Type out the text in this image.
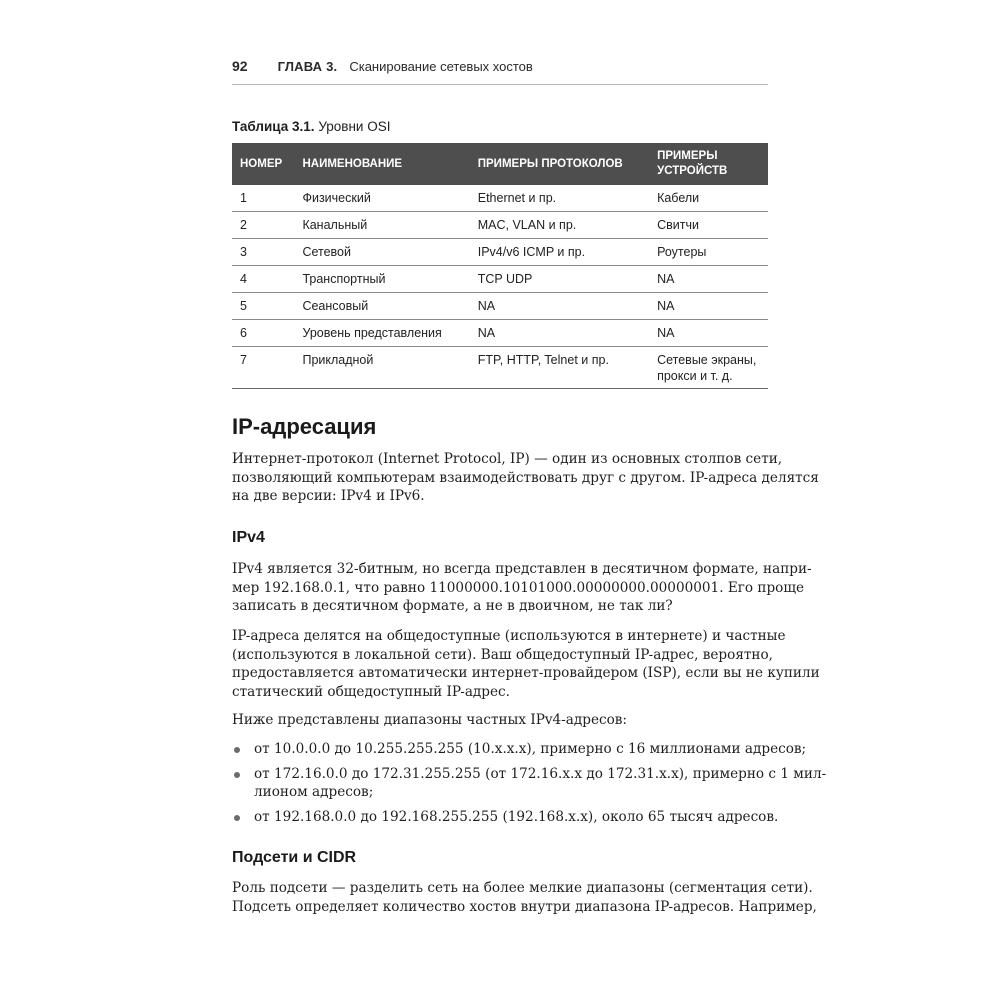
92 ГЛАВА 3. Сканирование сетевых хостов
Таблица 3.1. Уровни OSI
НОМЕР	НАИМЕНОВАНИЕ	ПРИМЕРЫ ПРОТОКОЛОВ	ПРИМЕРЫ УСТРОЙСТВ
1	Физический	Ethernet и пр.	Кабели
2	Канальный	MAC, VLAN и пр.	Свитчи
3	Сетевой	IPv4/v6 ICMP и пр.	Роутеры
4	Транспортный	TCP UDP	NA
5	Сеансовый	NA	NA
6	Уровень представления	NA	NA
7	Прикладной	FTP, HTTP, Telnet и пр.	Сетевые экраны, прокси и т. д.
IP-адресация
Интернет-протокол (Internet Protocol, IP) — один из основных столпов сети,
позволяющий компьютерам взаимодействовать друг с другом. IP-адреса делятся
на две версии: IPv4 и IPv6.
IPv4
IPv4 является 32-битным, но всегда представлен в десятичном формате, напри-
мер 192.168.0.1, что равно 11000000.10101000.00000000.00000001. Его проще
записать в десятичном формате, а не в двоичном, не так ли?
IP-адреса делятся на общедоступные (используются в интернете) и частные
(используются в локальной сети). Ваш общедоступный IP-адрес, вероятно,
предоставляется автоматически интернет-провайдером (ISP), если вы не купили
статический общедоступный IP-адрес.
Ниже представлены диапазоны частных IPv4-адресов:
от 10.0.0.0 до 10.255.255.255 (10.x.x.x), примерно с 16 миллионами адресов;
от 172.16.0.0 до 172.31.255.255 (от 172.16.x.x до 172.31.x.x), примерно с 1 мил-
лионом адресов;
от 192.168.0.0 до 192.168.255.255 (192.168.x.x), около 65 тысяч адресов.
Подсети и CIDR
Роль подсети — разделить сеть на более мелкие диапазоны (сегментация сети).
Подсеть определяет количество хостов внутри диапазона IP-адресов. Например,
